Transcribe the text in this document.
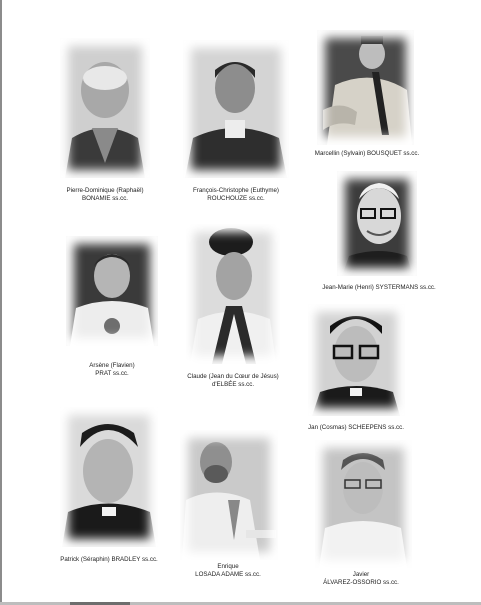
Pierre-Dominique (Raphaël)
BONAMIE ss.cc.
François-Christophe (Euthyme)
ROUCHOUZE ss.cc.
Marcellin (Sylvain) BOUSQUET ss.cc.
Jean-Marie (Henri) SYSTERMANS ss.cc.
Arsène (Flavien)
PRAT ss.cc.	Claude (Jean du Cœur de Jésus)
d'ELBÉE ss.cc.
Jan (Cosmas) SCHEEPENS ss.cc.
Patrick (Séraphin) BRADLEY ss.cc.
Enrique
LOSADA ADAME ss.cc.	Javier
ÁLVAREZ-OSSORIO ss.cc.
